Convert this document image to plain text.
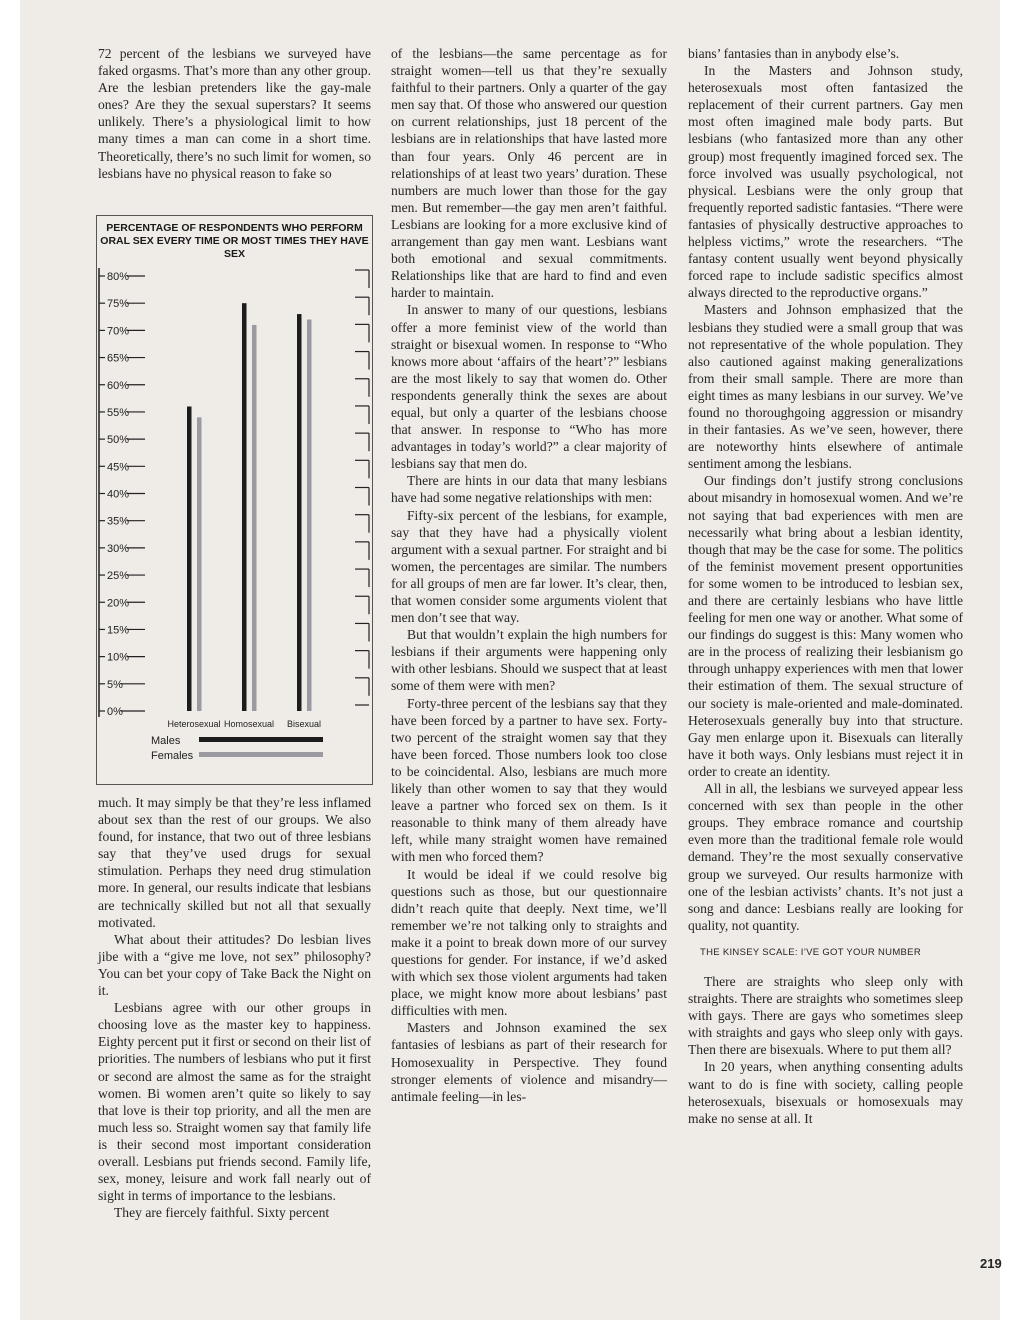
72 percent of the lesbians we surveyed have faked orgasms. That’s more than any other group. Are the lesbian pretenders like the gay-male ones? Are they the sexual superstars? It seems unlikely. There’s a physiological limit to how many times a man can come in a short time. Theoretically, there’s no such limit for women, so lesbians have no physical reason to fake so

PERCENTAGE OF RESPONDENTS WHO PERFORM ORAL SEX EVERY TIME OR MOST TIMES THEY HAVE SEX
80%
75%
70%
65%
60%
55%
50%
45%
40%
35%
30%
25%
20%
15%
10%
5%
0%
Heterosexual Homosexual Bisexual
Males
Females

much. It may simply be that they’re less inflamed about sex than the rest of our groups. We also found, for instance, that two out of three lesbians say that they’ve used drugs for sexual stimulation. Perhaps they need drug stimulation more. In general, our results indicate that lesbians are technically skilled but not all that sexually motivated.

What about their attitudes? Do lesbian lives jibe with a “give me love, not sex” philosophy? You can bet your copy of Take Back the Night on it.

Lesbians agree with our other groups in choosing love as the master key to happiness. Eighty percent put it first or second on their list of priorities. The numbers of lesbians who put it first or second are almost the same as for the straight women. Bi women aren’t quite so likely to say that love is their top priority, and all the men are much less so. Straight women say that family life is their second most important consideration overall. Lesbians put friends second. Family life, sex, money, leisure and work fall nearly out of sight in terms of importance to the lesbians.

They are fiercely faithful. Sixty percent

of the lesbians—the same percentage as for straight women—tell us that they’re sexually faithful to their partners. Only a quarter of the gay men say that. Of those who answered our question on current relationships, just 18 percent of the lesbians are in relationships that have lasted more than four years. Only 46 percent are in relationships of at least two years’ duration. These numbers are much lower than those for the gay men. But remember—the gay men aren’t faithful. Lesbians are looking for a more exclusive kind of arrangement than gay men want. Lesbians want both emotional and sexual commitments. Relationships like that are hard to find and even harder to maintain.

In answer to many of our questions, lesbians offer a more feminist view of the world than straight or bisexual women. In response to “Who knows more about ‘affairs of the heart’?” lesbians are the most likely to say that women do. Other respondents generally think the sexes are about equal, but only a quarter of the lesbians choose that answer. In response to “Who has more advantages in today’s world?” a clear majority of lesbians say that men do.

There are hints in our data that many lesbians have had some negative relationships with men:

Fifty-six percent of the lesbians, for example, say that they have had a physically violent argument with a sexual partner. For straight and bi women, the percentages are similar. The numbers for all groups of men are far lower. It’s clear, then, that women consider some arguments violent that men don’t see that way.

But that wouldn’t explain the high numbers for lesbians if their arguments were happening only with other lesbians. Should we suspect that at least some of them were with men?

Forty-three percent of the lesbians say that they have been forced by a partner to have sex. Forty-two percent of the straight women say that they have been forced. Those numbers look too close to be coincidental. Also, lesbians are much more likely than other women to say that they would leave a partner who forced sex on them. Is it reasonable to think many of them already have left, while many straight women have remained with men who forced them?

It would be ideal if we could resolve big questions such as those, but our questionnaire didn’t reach quite that deeply. Next time, we’ll remember we’re not talking only to straights and make it a point to break down more of our survey questions for gender. For instance, if we’d asked with which sex those violent arguments had taken place, we might know more about lesbians’ past difficulties with men.

Masters and Johnson examined the sex fantasies of lesbians as part of their research for Homosexuality in Perspective. They found stronger elements of violence and misandry—antimale feeling—in les-

bians’ fantasies than in anybody else’s.

In the Masters and Johnson study, heterosexuals most often fantasized the replacement of their current partners. Gay men most often imagined male body parts. But lesbians (who fantasized more than any other group) most frequently imagined forced sex. The force involved was usually psychological, not physical. Lesbians were the only group that frequently reported sadistic fantasies. “There were fantasies of physically destructive approaches to helpless victims,” wrote the researchers. “The fantasy content usually went beyond physically forced rape to include sadistic specifics almost always directed to the reproductive organs.”

Masters and Johnson emphasized that the lesbians they studied were a small group that was not representative of the whole population. They also cautioned against making generalizations from their small sample. There are more than eight times as many lesbians in our survey. We’ve found no thoroughgoing aggression or misandry in their fantasies. As we’ve seen, however, there are noteworthy hints elsewhere of antimale sentiment among the lesbians.

Our findings don’t justify strong conclusions about misandry in homosexual women. And we’re not saying that bad experiences with men are necessarily what bring about a lesbian identity, though that may be the case for some. The politics of the feminist movement present opportunities for some women to be introduced to lesbian sex, and there are certainly lesbians who have little feeling for men one way or another. What some of our findings do suggest is this: Many women who are in the process of realizing their lesbianism go through unhappy experiences with men that lower their estimation of them. The sexual structure of our society is male-oriented and male-dominated. Heterosexuals generally buy into that structure. Gay men enlarge upon it. Bisexuals can literally have it both ways. Only lesbians must reject it in order to create an identity.

All in all, the lesbians we surveyed appear less concerned with sex than people in the other groups. They embrace romance and courtship even more than the traditional female role would demand. They’re the most sexually conservative group we surveyed. Our results harmonize with one of the lesbian activists’ chants. It’s not just a song and dance: Lesbians really are looking for quality, not quantity.

THE KINSEY SCALE: I’VE GOT YOUR NUMBER

There are straights who sleep only with straights. There are straights who sometimes sleep with gays. There are gays who sometimes sleep with straights and gays who sleep only with gays. Then there are bisexuals. Where to put them all?

In 20 years, when anything consenting adults want to do is fine with society, calling people heterosexuals, bisexuals or homosexuals may make no sense at all. It

219
